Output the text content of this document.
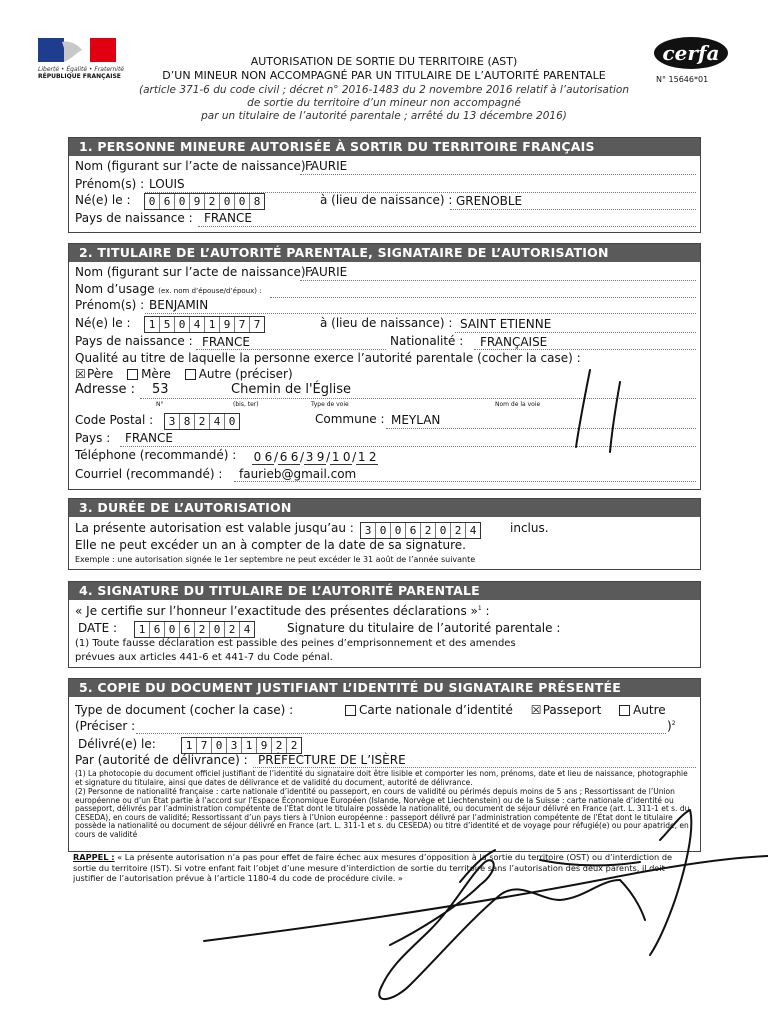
Liberté • Égalité • Fraternité
RÉPUBLIQUE FRANÇAISE
AUTORISATION DE SORTIE DU TERRITOIRE (AST)
D’UN MINEUR NON ACCOMPAGNÉ PAR UN TITULAIRE DE L’AUTORITÉ PARENTALE
(article 371-6 du code civil ; décret n° 2016-1483 du 2 novembre 2016 relatif à l’autorisation
de sortie du territoire d’un mineur non accompagné
par un titulaire de l’autorité parentale ; arrêté du 13 décembre 2016)
cerfa
N° 15646*01
1. PERSONNE MINEURE AUTORISÉE À SORTIR DU TERRITOIRE FRANÇAIS
Nom (figurant sur l’acte de naissance) :
FAURIE
Prénom(s) : LOUIS
Né(e) le :	0 6 0 9 2 0 0 8	à (lieu de naissance) : GRENOBLE
Pays de naissance : FRANCE
2. TITULAIRE DE L’AUTORITÉ PARENTALE, SIGNATAIRE DE L’AUTORISATION
Nom (figurant sur l’acte de naissance) :
FAURIE
Nom d’usage (ex. nom d’épouse/d’époux) :
Prénom(s) : BENJAMIN
Né(e) le :	1 5 0 4 1 9 7 7	à (lieu de naissance) : SAINT ETIENNE
Pays de naissance : FRANCE	Nationalité : FRANÇAISE
Qualité au titre de laquelle la personne exerce l’autorité parentale (cocher la case) :
☒Père Mère Autre (préciser)
Adresse : 53	Chemin de l'Église
N°	(bis, ter)	Type de voie	Nom de la voie
Code Postal :	3 8 2 4 0	Commune : MEYLAN
Pays : FRANCE
Téléphone (recommandé) : 0 6 / 6 6 / 3 9 / 1 0 / 1 2
Courriel (recommandé) : faurieb@gmail.com
3. DURÉE DE L’AUTORISATION
La présente autorisation est valable jusqu’au : 3 0 0 6 2 0 2 4	inclus.
Elle ne peut excéder un an à compter de la date de sa signature.
Exemple : une autorisation signée le 1er septembre ne peut excéder le 31 août de l’année suivante
4. SIGNATURE DU TITULAIRE DE L’AUTORITÉ PARENTALE
« Je certifie sur l’honneur l’exactitude des présentes déclarations »$^1$ :
DATE :	1 6 0 6 2 0 2 4	Signature du titulaire de l’autorité parentale :
(1) Toute fausse déclaration est passible des peines d’emprisonnement et des amendes
prévues aux articles 441-6 et 441-7 du Code pénal.
5. COPIE DU DOCUMENT JUSTIFIANT L’IDENTITÉ DU SIGNATAIRE PRÉSENTÉE
Type de document (cocher la case) :	Carte nationale d’identité ☒Passeport	Autre
(Préciser :	)$^2$
Délivré(e) le:	1 7 0 3 1 9 2 2
Par (autorité de délivrance) : PRÉFECTURE DE L’ISÈRE
(1) La photocopie du document officiel justifiant de l’identité du signataire doit être lisible et comporter les nom, prénoms, date et lieu de naissance, photographie et signature du titulaire, ainsi que dates de délivrance et de validité du document, autorité de délivrance.
(2) Personne de nationalité française : carte nationale d’identité ou passeport, en cours de validité ou périmés depuis moins de 5 ans ; Ressortissant de l’Union européenne ou d’un État partie à l’accord sur l’Espace Économique Européen (Islande, Norvège et Liechtenstein) ou de la Suisse : carte nationale d’identité ou passeport, délivrés par l’administration compétente de l’État dont le titulaire possède la nationalité, ou document de séjour délivré en France (art. L. 311-1 et s. du CESEDA), en cours de validité; Ressortissant d’un pays tiers à l’Union européenne : passeport délivré par l’administration compétente de l’État dont le titulaire possède la nationalité ou document de séjour délivré en France (art. L. 311-1 et s. du CESEDA) ou titre d’identité et de voyage pour réfugié(e) ou pour apatride, en cours de validité
RAPPEL : « La présente autorisation n’a pas pour effet de faire échec aux mesures d’opposition à la sortie du territoire (OST) ou d’interdiction de sortie du territoire (IST). Si votre enfant fait l’objet d’une mesure d’interdiction de sortie du territoire sans l’autorisation des deux parents, il doit justifier de l’autorisation prévue à l’article 1180-4 du code de procédure civile. »
